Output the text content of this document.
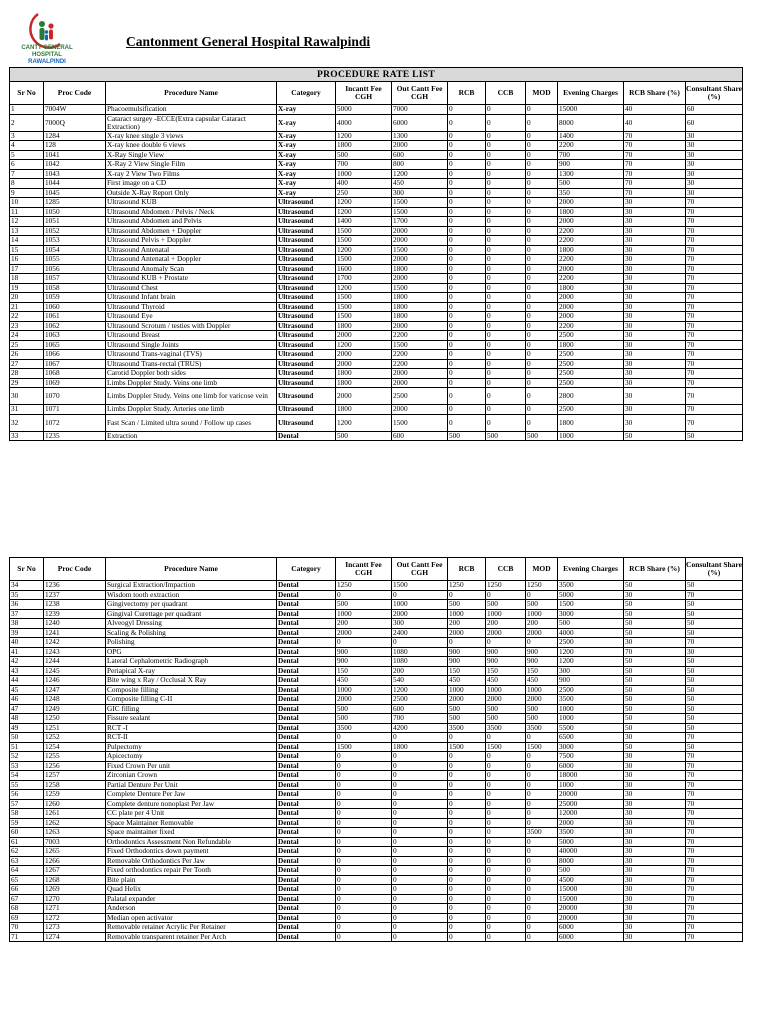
CANTT GENERAL HOSPITAL
RAWALPINDI
Cantonment General Hospital Rawalpindi
PROCEDURE RATE LIST											
Sr No	Proc Code	Procedure Name	Category	Incantt Fee CGH	Out Cantt Fee CGH	RCB	CCB	MOD	Evening Charges	RCB Share (%)	Consultant Share (%)
1	7004W	Phacoemulsification	X-ray	5000	7000	0	0	0	15000	40	60
2	7000Q	Cataract surgey -ECCE(Extra capsular Cataract Extraction)	X-ray	4000	6000	0	0	0	8000	40	60
3	1284	X-ray knee single 3 views	X-ray	1200	1300	0	0	0	1400	70	30
4	128	X-ray knee double 6 views	X-ray	1800	2000	0	0	0	2200	70	30
5	1041	X-Ray Single View	X-ray	500	600	0	0	0	700	70	30
6	1042	X-Ray 2 View Single Film	X-ray	700	800	0	0	0	900	70	30
7	1043	X-ray 2 View Two Films	X-ray	1000	1200	0	0	0	1300	70	30
8	1044	First image on a CD	X-ray	400	450	0	0	0	500	70	30
9	1045	Outside X-Ray Report Only	X-ray	250	300	0	0	0	350	70	30
10	1285	Ultrasound KUB	Ultrasound	1200	1500	0	0	0	2000	30	70
11	1050	Ultrasound Abdomen / Pelvis / Neck	Ultrasound	1200	1500	0	0	0	1800	30	70
12	1051	Ultrasound Abdomen and Pelvis	Ultrasound	1400	1700	0	0	0	2000	30	70
13	1052	Ultrasound Abdomen + Doppler	Ultrasound	1500	2000	0	0	0	2200	30	70
14	1053	Ultrasound Pelvis + Doppler	Ultrasound	1500	2000	0	0	0	2200	30	70
15	1054	Ultrasound Antenatal	Ultrasound	1200	1500	0	0	0	1800	30	70
16	1055	Ultrasound Antenatal + Doppler	Ultrasound	1500	2000	0	0	0	2200	30	70
17	1056	Ultrasound Anomaly Scan	Ultrasound	1600	1800	0	0	0	2000	30	70
18	1057	Ultrasound KUB + Prostate	Ultrasound	1700	2000	0	0	0	2200	30	70
19	1058	Ultrasound Chest	Ultrasound	1200	1500	0	0	0	1800	30	70
20	1059	Ultrasound Infant brain	Ultrasound	1500	1800	0	0	0	2000	30	70
21	1060	Ultrasound Thyroid	Ultrasound	1500	1800	0	0	0	2000	30	70
22	1061	Ultrasound Eye	Ultrasound	1500	1800	0	0	0	2000	30	70
23	1062	Ultrasound Scrotum / testies with Doppler	Ultrasound	1800	2000	0	0	0	2200	30	70
24	1063	Ultrasound Breast	Ultrasound	2000	2200	0	0	0	2500	30	70
25	1065	Ultrasound Single Joints	Ultrasound	1200	1500	0	0	0	1800	30	70
26	1066	Ultrasound Trans-vaginal (TVS)	Ultrasound	2000	2200	0	0	0	2500	30	70
27	1067	Ultrasound Trans-rectal (TRUS)	Ultrasound	2000	2200	0	0	0	2500	30	70
28	1068	Carotid Doppler both sides	Ultrasound	1800	2000	0	0	0	2500	30	70
29	1069	Limbs Doppler Study. Veins one limb	Ultrasound	1800	2000	0	0	0	2500	30	70
30	1070	Limbs Doppler Study. Veins one limb for varicose vein	Ultrasound	2000	2500	0	0	0	2800	30	70
31	1071	Limbs Doppler Study. Arteries one limb	Ultrasound	1800	2000	0	0	0	2500	30	70
32	1072	Fast Scan / Limited ultra sound / Follow up cases	Ultrasound	1200	1500	0	0	0	1800	30	70
33	1235	Extraction	Dental	500	600	500	500	500	1000	50	50
Sr No	Proc Code	Procedure Name	Category	Incantt Fee CGH	Out Cantt Fee CGH	RCB	CCB	MOD	Evening Charges	RCB Share (%)	Consultant Share (%)
34	1236	Surgical Extraction/Impaction	Dental	1250	1500	1250	1250	1250	3500	50	50
35	1237	Wisdom tooth extraction	Dental	0	0	0	0	0	5000	30	70
36	1238	Gingivectomy per quadrant	Dental	500	1000	500	500	500	1500	50	50
37	1239	Gingival Curettage per quadrant	Dental	1000	2000	1000	1000	1000	3000	50	50
38	1240	Alveogyl Dressing	Dental	200	300	200	200	200	500	50	50
39	1241	Scaling & Polishing	Dental	2000	2400	2000	2000	2000	4000	50	50
40	1242	Polishing	Dental	0	0	0	0	0	2500	30	70
41	1243	OPG	Dental	900	1080	900	900	900	1200	70	30
42	1244	Lateral Cephalometric Radiograph	Dental	900	1080	900	900	900	1200	50	50
43	1245	Periapical X-ray	Dental	150	200	150	150	150	300	50	50
44	1246	Bite wing x Ray / Occlusal X Ray	Dental	450	540	450	450	450	900	50	50
45	1247	Composite filling	Dental	1000	1200	1000	1000	1000	2500	50	50
46	1248	Composite filling C-II	Dental	2000	2500	2000	2000	2000	3500	50	50
47	1249	GIC filling	Dental	500	600	500	500	500	1000	50	50
48	1250	Fissure sealant	Dental	500	700	500	500	500	1000	50	50
49	1251	RCT -I	Dental	3500	4200	3500	3500	3500	5500	50	50
50	1252	RCT-II	Dental	0	0	0	0	0	6500	30	70
51	1254	Pulpectomy	Dental	1500	1800	1500	1500	1500	3000	50	50
52	1255	Apicectomy	Dental	0	0	0	0	0	7500	30	70
53	1256	Fixed Crown Per unit	Dental	0	0	0	0	0	6000	30	70
54	1257	Zirconian Crown	Dental	0	0	0	0	0	18000	30	70
55	1258	Partial Denture Per Unit	Dental	0	0	0	0	0	1000	30	70
56	1259	Complete Denture Per Jaw	Dental	0	0	0	0	0	20000	30	70
57	1260	Complete denture nonoplast Per Jaw	Dental	0	0	0	0	0	25000	30	70
58	1261	CC plate per 4 Unit	Dental	0	0	0	0	0	12000	30	70
59	1262	Space Maintainer Removable	Dental	0	0	0	0	0	2000	30	70
60	1263	Space maintainer fixed	Dental	0	0	0	0	3500	3500	30	70
61	7003	Orthodontics Assessment Non Refundable	Dental	0	0	0	0	0	5000	30	70
62	1265	Fixed Orthodontics down payment	Dental	0	0	0	0	0	40000	30	70
63	1266	Removable Orthodontics Per Jaw	Dental	0	0	0	0	0	8000	30	70
64	1267	Fixed orthodontics repair Per Tooth	Dental	0	0	0	0	0	500	30	70
65	1268	Bite plain	Dental	0	0	0	0	0	4500	30	70
66	1269	Quad Helix	Dental	0	0	0	0	0	15000	30	70
67	1270	Palatal expander	Dental	0	0	0	0	0	15000	30	70
68	1271	Anderson	Dental	0	0	0	0	0	20000	30	70
69	1272	Median open activator	Dental	0	0	0	0	0	20000	30	70
70	1273	Removable retainer Acrylic Per Retainer	Dental	0	0	0	0	0	6000	30	70
71	1274	Removable transparent retainer Per Arch	Dental	0	0	0	0	0	6000	30	70
